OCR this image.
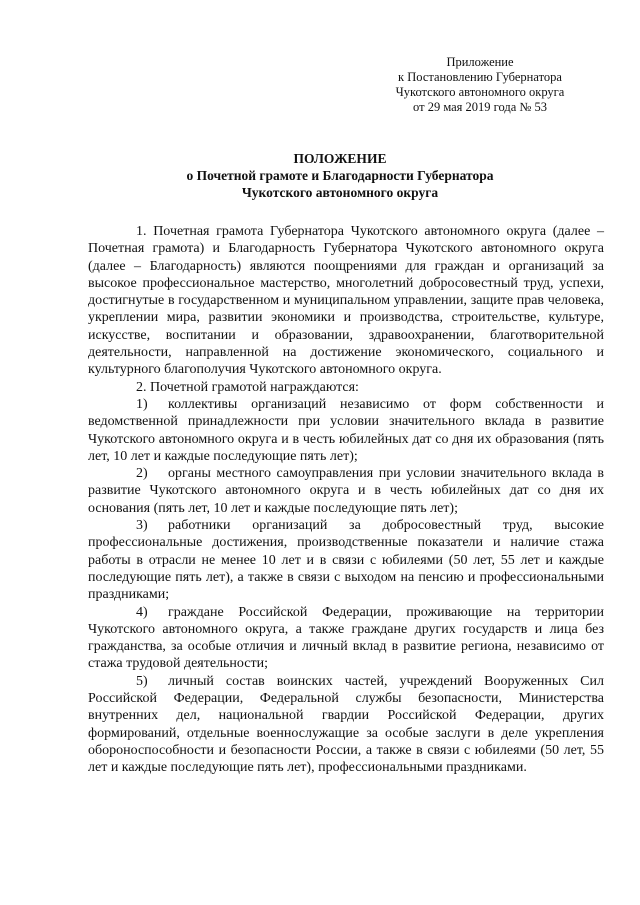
Приложение
к Постановлению Губернатора
Чукотского автономного округа
от 29 мая 2019 года № 53
ПОЛОЖЕНИЕ
о Почетной грамоте и Благодарности Губернатора
Чукотского автономного округа

1. Почетная грамота Губернатора Чукотского автономного округа (далее – Почетная грамота) и Благодарность Губернатора Чукотского автономного округа (далее – Благодарность) являются поощрениями для граждан и организаций за высокое профессиональное мастерство, многолетний добросовестный труд, успехи, достигнутые в государственном и муниципальном управлении, защите прав человека, укреплении мира, развитии экономики и производства, строительстве, культуре, искусстве, воспитании и образовании, здравоохранении, благотворительной деятельности, направленной на достижение экономического, социального и культурного благополучия Чукотского автономного округа.

2. Почетной грамотой награждаются:

1) коллективы организаций независимо от форм собственности и ведомственной принадлежности при условии значительного вклада в развитие Чукотского автономного округа и в честь юбилейных дат со дня их образования (пять лет, 10 лет и каждые последующие пять лет);

2) органы местного самоуправления при условии значительного вклада в развитие Чукотского автономного округа и в честь юбилейных дат со дня их основания (пять лет, 10 лет и каждые последующие пять лет);

3) работники организаций за добросовестный труд, высокие профессиональные достижения, производственные показатели и наличие стажа работы в отрасли не менее 10 лет и в связи с юбилеями (50 лет, 55 лет и каждые последующие пять лет), а также в связи с выходом на пенсию и профессиональными праздниками;

4) граждане Российской Федерации, проживающие на территории Чукотского автономного округа, а также граждане других государств и лица без гражданства, за особые отличия и личный вклад в развитие региона, независимо от стажа трудовой деятельности;

5) личный состав воинских частей, учреждений Вооруженных Сил Российской Федерации, Федеральной службы безопасности, Министерства внутренних дел, национальной гвардии Российской Федерации, других формирований, отдельные военнослужащие за особые заслуги в деле укрепления обороноспособности и безопасности России, а также в связи с юбилеями (50 лет, 55 лет и каждые последующие пять лет), профессиональными праздниками.
